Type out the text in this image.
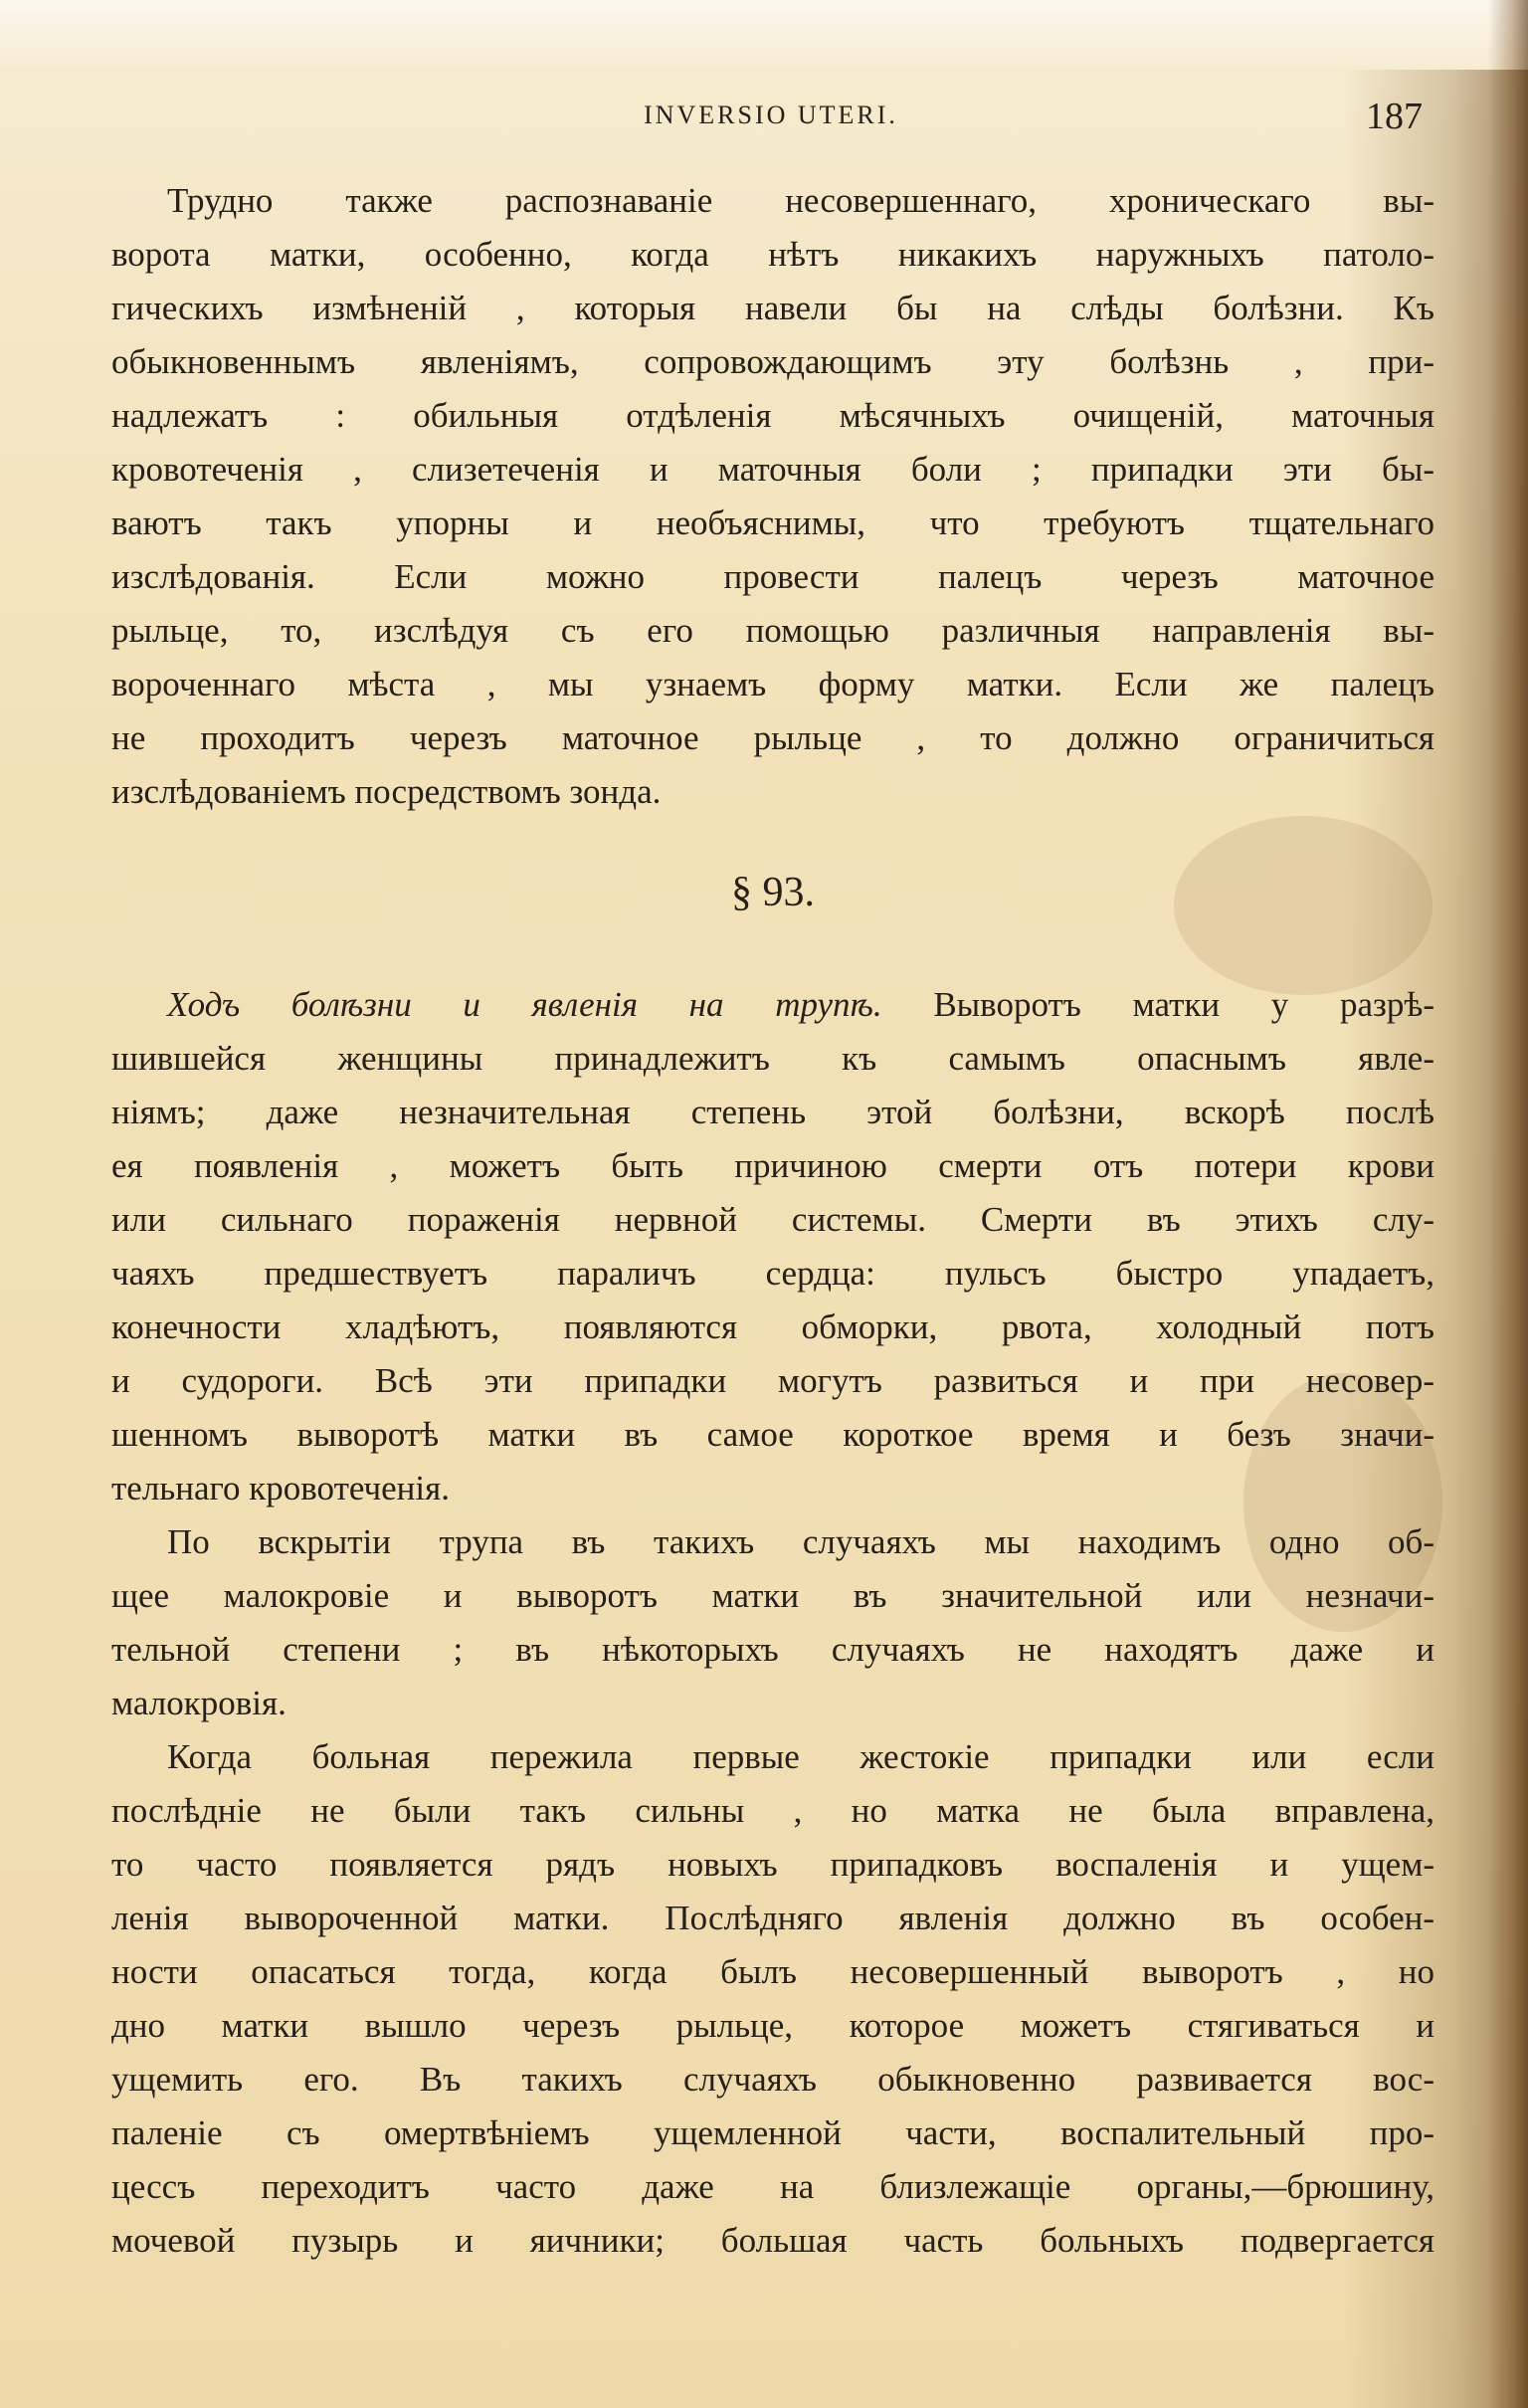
INVERSIO UTERI.	187
Трудно также распознаваніе несовершеннаго, хроническаго вы-
ворота матки, особенно, когда нѣтъ никакихъ наружныхъ патоло-
гическихъ измѣненій , которыя навели бы на слѣды болѣзни. Къ
обыкновеннымъ явленіямъ, сопровождающимъ эту болѣзнь , при-
надлежатъ : обильныя отдѣленія мѣсячныхъ очищеній, маточныя
кровотеченія , слизетеченія и маточныя боли ; припадки эти бы-
ваютъ такъ упорны и необъяснимы, что требуютъ тщательнаго
изслѣдованія. Если можно провести палецъ черезъ маточное
рыльце, то, изслѣдуя съ его помощью различныя направленія вы-
вороченнаго мѣста , мы узнаемъ форму матки. Если же палецъ
не проходитъ черезъ маточное рыльце , то должно ограничиться
изслѣдованіемъ посредствомъ зонда.
§ 93.
Ходъ болѣзни и явленія на трупѣ. Выворотъ матки у разрѣ-
шившейся женщины принадлежитъ къ самымъ опаснымъ явле-
ніямъ; даже незначительная степень этой болѣзни, вскорѣ послѣ
ея появленія , можетъ быть причиною смерти отъ потери крови
или сильнаго пораженія нервной системы. Смерти въ этихъ слу-
чаяхъ предшествуетъ параличъ сердца: пульсъ быстро упадаетъ,
конечности хладѣютъ, появляются обморки, рвота, холодный потъ
и судороги. Всѣ эти припадки могутъ развиться и при несовер-
шенномъ выворотѣ матки въ самое короткое время и безъ значи-
тельнаго кровотеченія.
По вскрытіи трупа въ такихъ случаяхъ мы находимъ одно об-
щее малокровіе и выворотъ матки въ значительной или незначи-
тельной степени ; въ нѣкоторыхъ случаяхъ не находятъ даже и
малокровія.
Когда больная пережила первые жестокіе припадки или если
послѣдніе не были такъ сильны , но матка не была вправлена,
то часто появляется рядъ новыхъ припадковъ воспаленія и ущем-
ленія вывороченной матки. Послѣдняго явленія должно въ особен-
ности опасаться тогда, когда былъ несовершенный выворотъ , но
дно матки вышло черезъ рыльце, которое можетъ стягиваться и
ущемить его. Въ такихъ случаяхъ обыкновенно развивается вос-
паленіе съ омертвѣніемъ ущемленной части, воспалительный про-
цессъ переходитъ часто даже на близлежащіе органы,—брюшину,
мочевой пузырь и яичники; большая часть больныхъ подвергается
